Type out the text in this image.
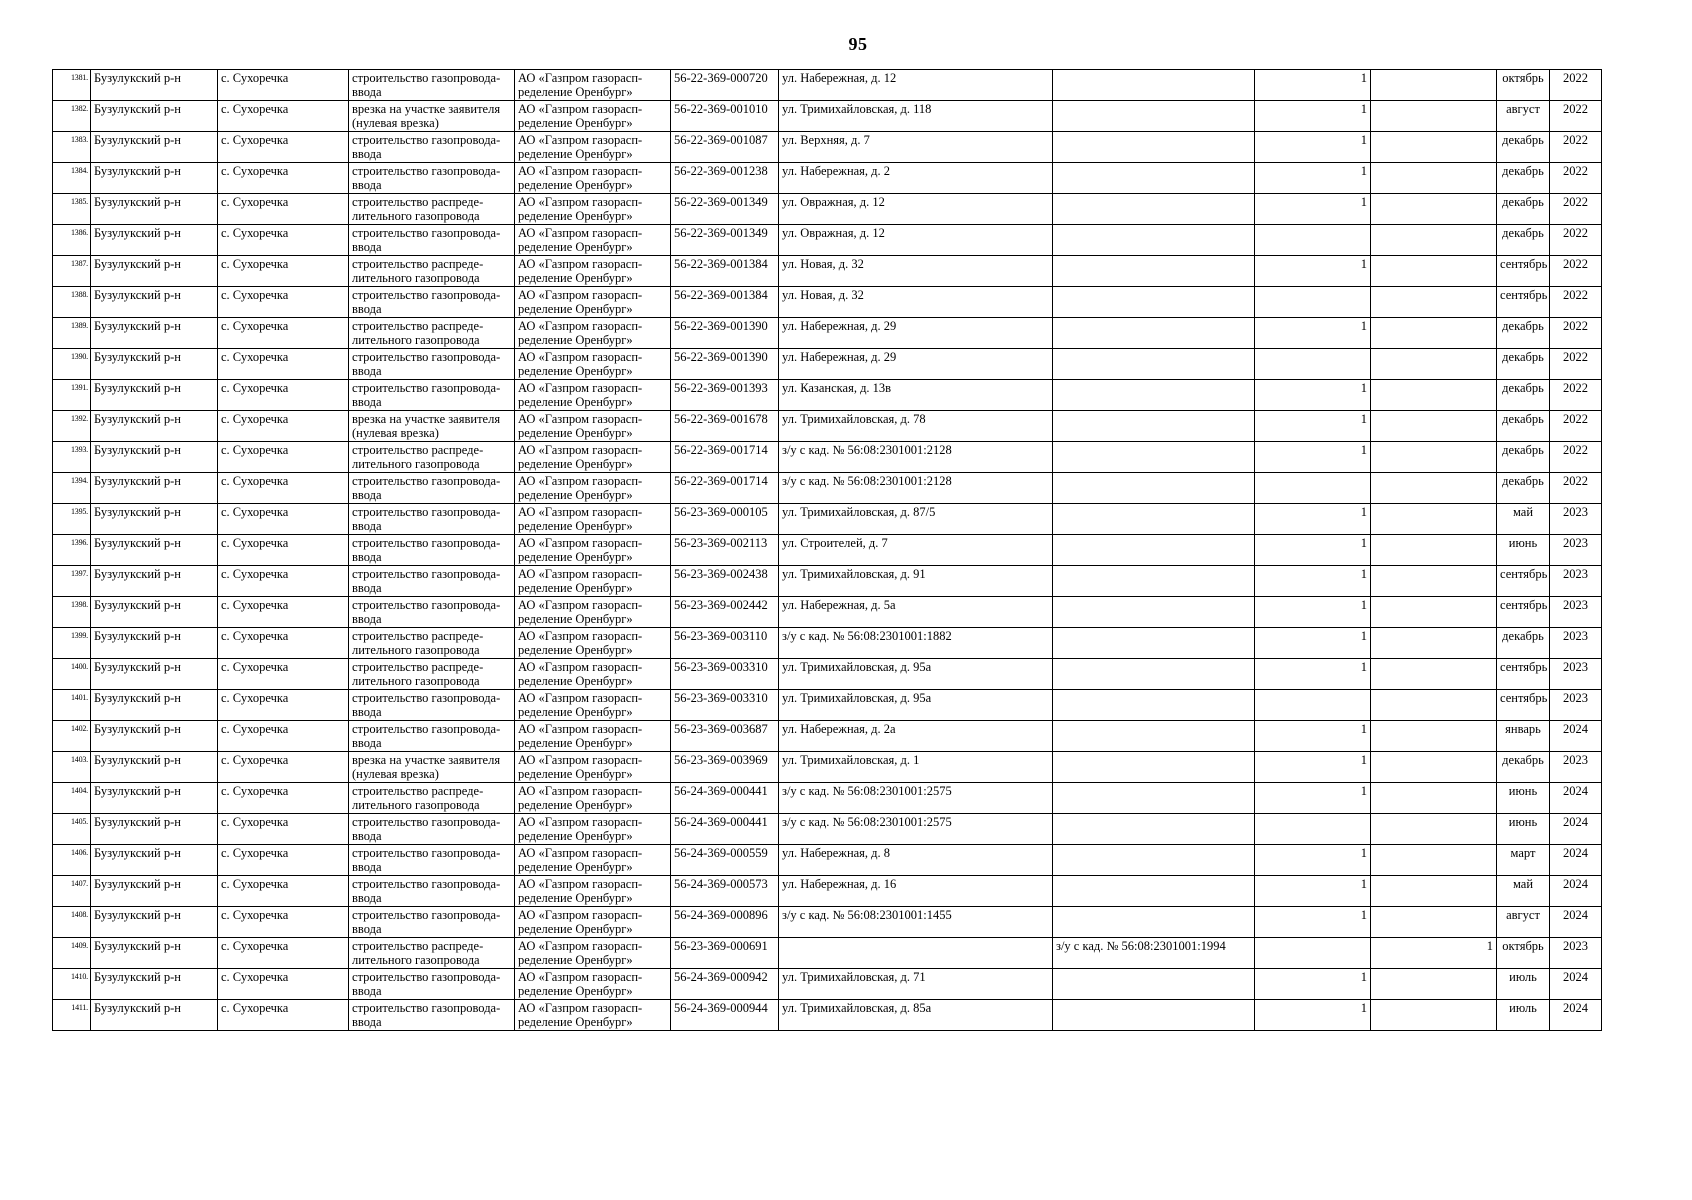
95
1381.	Бузулукский р-н	с. Сухоречка	строительство газопровода-ввода	АО «Газпром газорасп- ределение Оренбург»	56-22-369-000720	ул. Набережная, д. 12		1		октябрь	2022
1382.	Бузулукский р-н	с. Сухоречка	врезка на участке заявителя (нулевая врезка)	АО «Газпром газорасп- ределение Оренбург»	56-22-369-001010	ул. Тримихайловская, д. 118		1		август	2022
1383.	Бузулукский р-н	с. Сухоречка	строительство газопровода-ввода	АО «Газпром газорасп- ределение Оренбург»	56-22-369-001087	ул. Верхняя, д. 7		1		декабрь	2022
1384.	Бузулукский р-н	с. Сухоречка	строительство газопровода-ввода	АО «Газпром газорасп- ределение Оренбург»	56-22-369-001238	ул. Набережная, д. 2		1		декабрь	2022
1385.	Бузулукский р-н	с. Сухоречка	строительство распреде- лительного газопровода	АО «Газпром газорасп- ределение Оренбург»	56-22-369-001349	ул. Овражная, д. 12		1		декабрь	2022
1386.	Бузулукский р-н	с. Сухоречка	строительство газопровода-ввода	АО «Газпром газорасп- ределение Оренбург»	56-22-369-001349	ул. Овражная, д. 12				декабрь	2022
1387.	Бузулукский р-н	с. Сухоречка	строительство распреде- лительного газопровода	АО «Газпром газорасп- ределение Оренбург»	56-22-369-001384	ул. Новая, д. 32		1		сентябрь	2022
1388.	Бузулукский р-н	с. Сухоречка	строительство газопровода-ввода	АО «Газпром газорасп- ределение Оренбург»	56-22-369-001384	ул. Новая, д. 32				сентябрь	2022
1389.	Бузулукский р-н	с. Сухоречка	строительство распреде- лительного газопровода	АО «Газпром газорасп- ределение Оренбург»	56-22-369-001390	ул. Набережная, д. 29		1		декабрь	2022
1390.	Бузулукский р-н	с. Сухоречка	строительство газопровода-ввода	АО «Газпром газорасп- ределение Оренбург»	56-22-369-001390	ул. Набережная, д. 29				декабрь	2022
1391.	Бузулукский р-н	с. Сухоречка	строительство газопровода-ввода	АО «Газпром газорасп- ределение Оренбург»	56-22-369-001393	ул. Казанская, д. 13в		1		декабрь	2022
1392.	Бузулукский р-н	с. Сухоречка	врезка на участке заявителя (нулевая врезка)	АО «Газпром газорасп- ределение Оренбург»	56-22-369-001678	ул. Тримихайловская, д. 78		1		декабрь	2022
1393.	Бузулукский р-н	с. Сухоречка	строительство распреде- лительного газопровода	АО «Газпром газорасп- ределение Оренбург»	56-22-369-001714	з/у с кад. № 56:08:2301001:2128		1		декабрь	2022
1394.	Бузулукский р-н	с. Сухоречка	строительство газопровода-ввода	АО «Газпром газорасп- ределение Оренбург»	56-22-369-001714	з/у с кад. № 56:08:2301001:2128				декабрь	2022
1395.	Бузулукский р-н	с. Сухоречка	строительство газопровода-ввода	АО «Газпром газорасп- ределение Оренбург»	56-23-369-000105	ул. Тримихайловская, д. 87/5		1		май	2023
1396.	Бузулукский р-н	с. Сухоречка	строительство газопровода-ввода	АО «Газпром газорасп- ределение Оренбург»	56-23-369-002113	ул. Строителей, д. 7		1		июнь	2023
1397.	Бузулукский р-н	с. Сухоречка	строительство газопровода-ввода	АО «Газпром газорасп- ределение Оренбург»	56-23-369-002438	ул. Тримихайловская, д. 91		1		сентябрь	2023
1398.	Бузулукский р-н	с. Сухоречка	строительство газопровода-ввода	АО «Газпром газорасп- ределение Оренбург»	56-23-369-002442	ул. Набережная, д. 5а		1		сентябрь	2023
1399.	Бузулукский р-н	с. Сухоречка	строительство распреде- лительного газопровода	АО «Газпром газорасп- ределение Оренбург»	56-23-369-003110	з/у с кад. № 56:08:2301001:1882		1		декабрь	2023
1400.	Бузулукский р-н	с. Сухоречка	строительство распреде- лительного газопровода	АО «Газпром газорасп- ределение Оренбург»	56-23-369-003310	ул. Тримихайловская, д. 95а		1		сентябрь	2023
1401.	Бузулукский р-н	с. Сухоречка	строительство газопровода-ввода	АО «Газпром газорасп- ределение Оренбург»	56-23-369-003310	ул. Тримихайловская, д. 95а				сентябрь	2023
1402.	Бузулукский р-н	с. Сухоречка	строительство газопровода-ввода	АО «Газпром газорасп- ределение Оренбург»	56-23-369-003687	ул. Набережная, д. 2а		1		январь	2024
1403.	Бузулукский р-н	с. Сухоречка	врезка на участке заявителя (нулевая врезка)	АО «Газпром газорасп- ределение Оренбург»	56-23-369-003969	ул. Тримихайловская, д. 1		1		декабрь	2023
1404.	Бузулукский р-н	с. Сухоречка	строительство распреде- лительного газопровода	АО «Газпром газорасп- ределение Оренбург»	56-24-369-000441	з/у с кад. № 56:08:2301001:2575		1		июнь	2024
1405.	Бузулукский р-н	с. Сухоречка	строительство газопровода-ввода	АО «Газпром газорасп- ределение Оренбург»	56-24-369-000441	з/у с кад. № 56:08:2301001:2575				июнь	2024
1406.	Бузулукский р-н	с. Сухоречка	строительство газопровода-ввода	АО «Газпром газорасп- ределение Оренбург»	56-24-369-000559	ул. Набережная, д. 8		1		март	2024
1407.	Бузулукский р-н	с. Сухоречка	строительство газопровода-ввода	АО «Газпром газорасп- ределение Оренбург»	56-24-369-000573	ул. Набережная, д. 16		1		май	2024
1408.	Бузулукский р-н	с. Сухоречка	строительство газопровода-ввода	АО «Газпром газорасп- ределение Оренбург»	56-24-369-000896	з/у с кад. № 56:08:2301001:1455		1		август	2024
1409.	Бузулукский р-н	с. Сухоречка	строительство распреде- лительного газопровода	АО «Газпром газорасп- ределение Оренбург»	56-23-369-000691		з/у с кад. № 56:08:2301001:1994		1	октябрь	2023
1410.	Бузулукский р-н	с. Сухоречка	строительство газопровода-ввода	АО «Газпром газорасп- ределение Оренбург»	56-24-369-000942	ул. Тримихайловская, д. 71		1		июль	2024
1411.	Бузулукский р-н	с. Сухоречка	строительство газопровода-ввода	АО «Газпром газорасп- ределение Оренбург»	56-24-369-000944	ул. Тримихайловская, д. 85а		1		июль	2024
